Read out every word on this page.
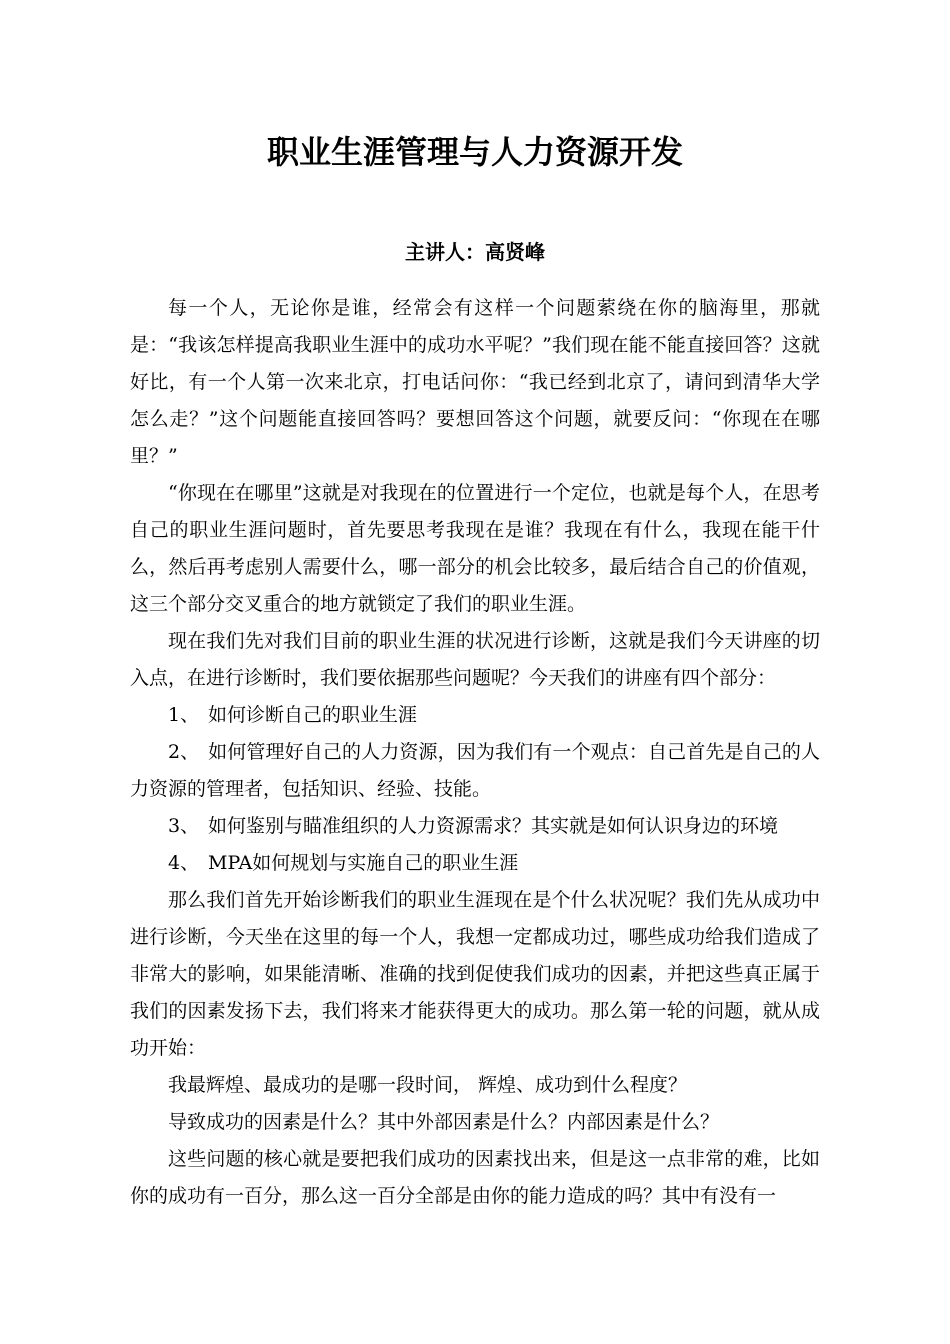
职业生涯管理与人力资源开发
主讲人：高贤峰

每一个人，无论你是谁，经常会有这样一个问题萦绕在你的脑海里，那就是：“我该怎样提高我职业生涯中的成功水平呢？”我们现在能不能直接回答？这就好比，有一个人第一次来北京，打电话问你：“我已经到北京了，请问到清华大学怎么走？”这个问题能直接回答吗？要想回答这个问题，就要反问：“你现在在哪里？”

“你现在在哪里”这就是对我现在的位置进行一个定位，也就是每个人，在思考自己的职业生涯问题时，首先要思考我现在是谁？我现在有什么，我现在能干什么，然后再考虑别人需要什么，哪一部分的机会比较多，最后结合自己的价值观，这三个部分交叉重合的地方就锁定了我们的职业生涯。

现在我们先对我们目前的职业生涯的状况进行诊断，这就是我们今天讲座的切入点，在进行诊断时，我们要依据那些问题呢？今天我们的讲座有四个部分：

1、 如何诊断自己的职业生涯
2、 如何管理好自己的人力资源，因为我们有一个观点：自己首先是自己的人力资源的管理者，包括知识、经验、技能。
3、 如何鉴别与瞄准组织的人力资源需求？其实就是如何认识身边的环境
4、 MPA如何规划与实施自己的职业生涯

那么我们首先开始诊断我们的职业生涯现在是个什么状况呢？我们先从成功中进行诊断，今天坐在这里的每一个人，我想一定都成功过，哪些成功给我们造成了非常大的影响，如果能清晰、准确的找到促使我们成功的因素，并把这些真正属于我们的因素发扬下去，我们将来才能获得更大的成功。那么第一轮的问题，就从成功开始：

我最辉煌、最成功的是哪一段时间， 辉煌、成功到什么程度？

导致成功的因素是什么？其中外部因素是什么？内部因素是什么？

这些问题的核心就是要把我们成功的因素找出来，但是这一点非常的难，比如你的成功有一百分，那么这一百分全部是由你的能力造成的吗？其中有没有一
